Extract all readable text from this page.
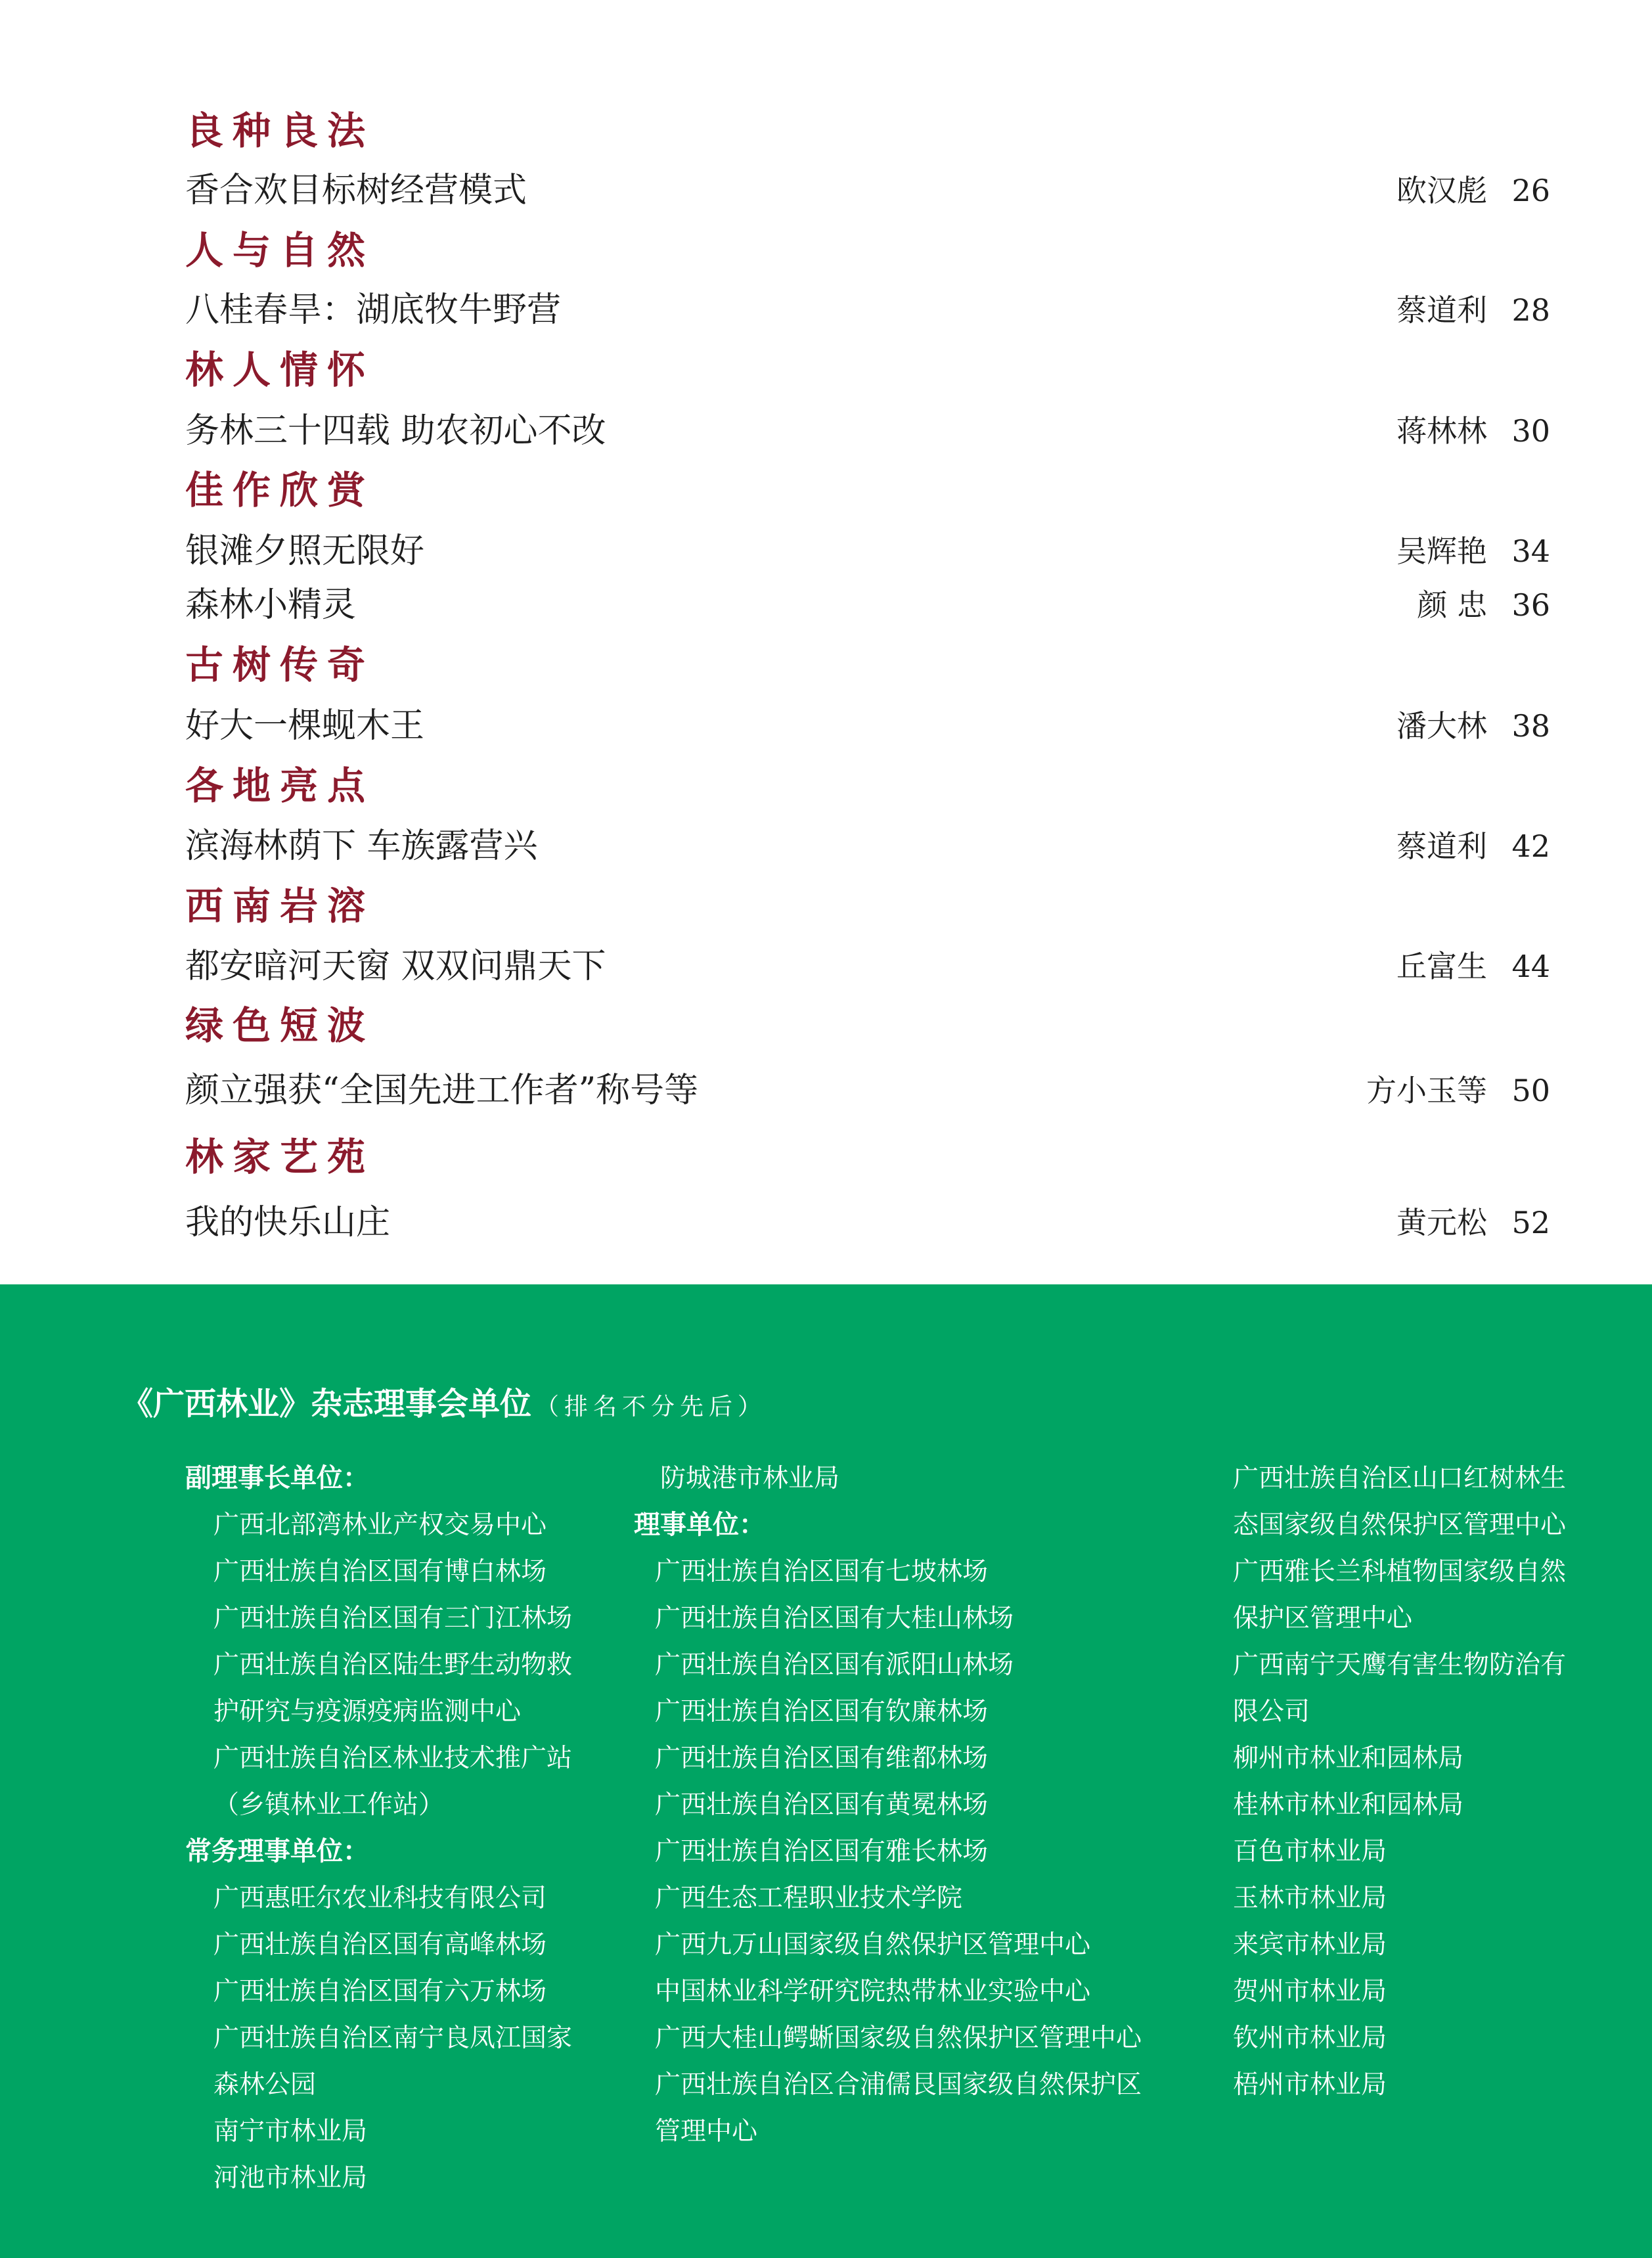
良种良法
香合欢目标树经营模式	欧汉彪 26
人与自然
八桂春旱：湖底牧牛野营	蔡道利 28
林人情怀
务林三十四载 助农初心不改	蒋林林 30
佳作欣赏
银滩夕照无限好	吴辉艳 34
森林小精灵	颜 忠 36
古树传奇
好大一棵蚬木王	潘大林 38
各地亮点
滨海林荫下 车族露营兴	蔡道利 42
西南岩溶
都安暗河天窗 双双问鼎天下	丘富生 44
绿色短波
颜立强获“全国先进工作者”称号等	方小玉等 50
林家艺苑
我的快乐山庄	黄元松 52
《广西林业》杂志理事会单位 （排名不分先后）
副理事长单位：
广西北部湾林业产权交易中心
广西壮族自治区国有博白林场
广西壮族自治区国有三门江林场
广西壮族自治区陆生野生动物救
护研究与疫源疫病监测中心
广西壮族自治区林业技术推广站
（乡镇林业工作站）
常务理事单位：
广西惠旺尔农业科技有限公司
广西壮族自治区国有高峰林场
广西壮族自治区国有六万林场
广西壮族自治区南宁良凤江国家
森林公园
南宁市林业局
河池市林业局
防城港市林业局
理事单位：
广西壮族自治区国有七坡林场
广西壮族自治区国有大桂山林场
广西壮族自治区国有派阳山林场
广西壮族自治区国有钦廉林场
广西壮族自治区国有维都林场
广西壮族自治区国有黄冕林场
广西壮族自治区国有雅长林场
广西生态工程职业技术学院
广西九万山国家级自然保护区管理中心
中国林业科学研究院热带林业实验中心
广西大桂山鳄蜥国家级自然保护区管理中心
广西壮族自治区合浦儒艮国家级自然保护区
管理中心
广西壮族自治区山口红树林生
态国家级自然保护区管理中心
广西雅长兰科植物国家级自然
保护区管理中心
广西南宁天鹰有害生物防治有
限公司
柳州市林业和园林局
桂林市林业和园林局
百色市林业局
玉林市林业局
来宾市林业局
贺州市林业局
钦州市林业局
梧州市林业局
